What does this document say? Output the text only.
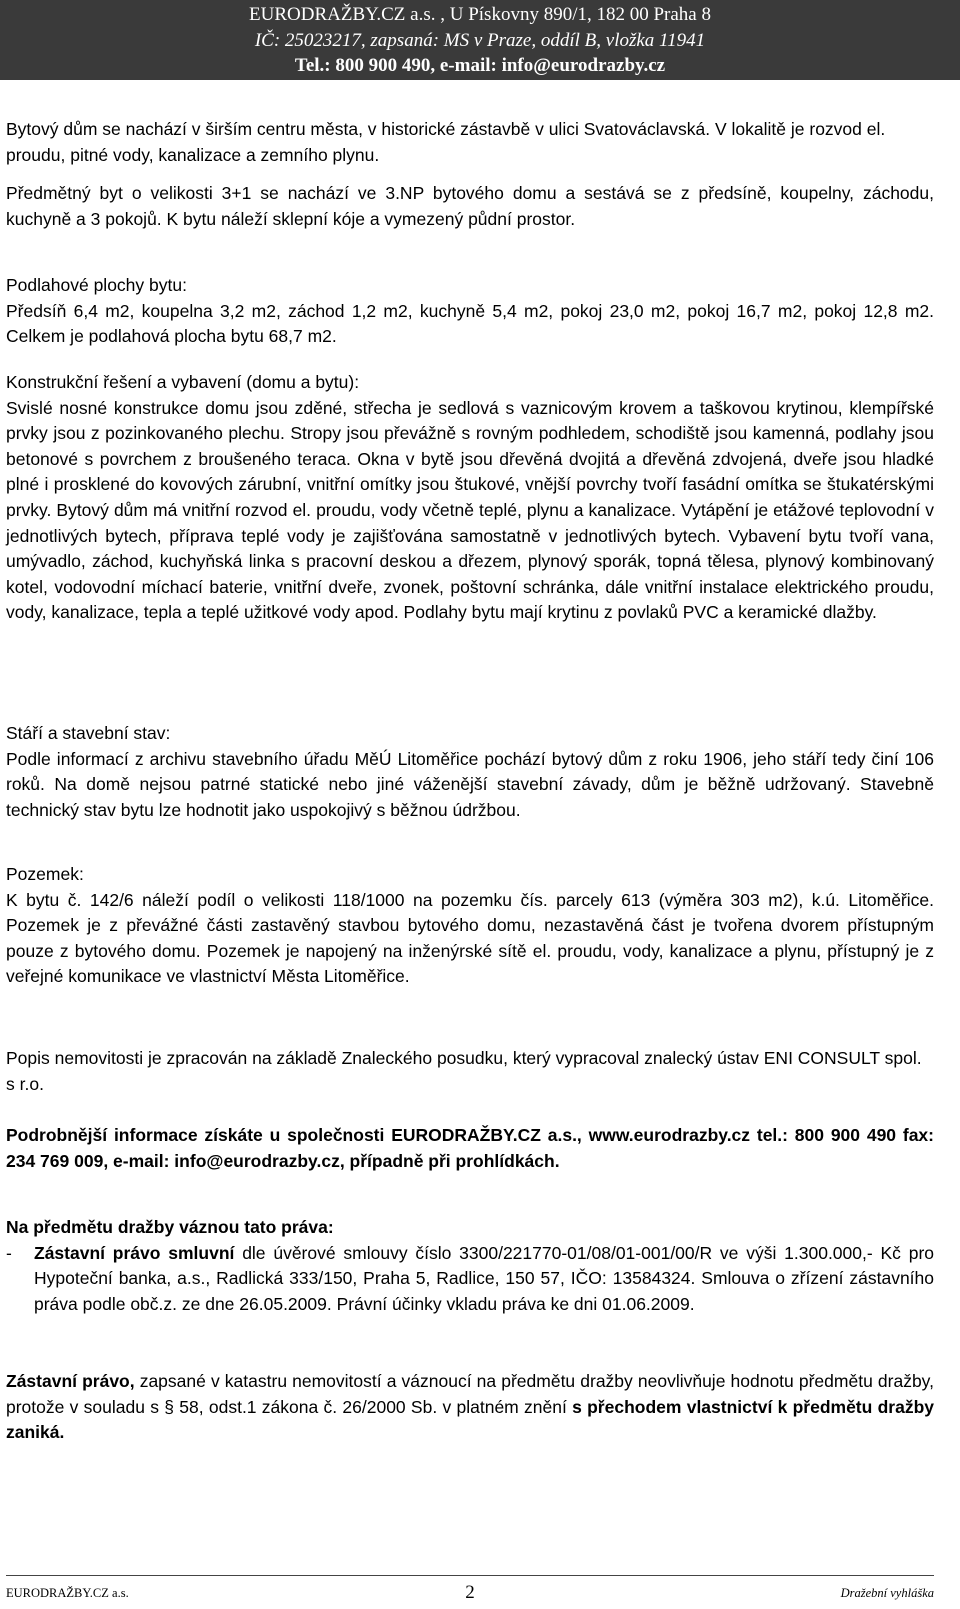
EURODRAŽBY.CZ a.s. , U Pískovny 890/1, 182 00 Praha 8
IČ: 25023217, zapsaná: MS v Praze, oddíl B, vložka 11941
Tel.: 800 900 490, e-mail: info@eurodrazby.cz

Bytový dům se nachází v širším centru města, v historické zástavbě v ulici Svatováclavská. V lokalitě je rozvod el. proudu, pitné vody, kanalizace a zemního plynu.

Předmětný byt o velikosti 3+1 se nachází ve 3.NP bytového domu a sestává se z předsíně, koupelny, záchodu, kuchyně a 3 pokojů. K bytu náleží sklepní kóje a vymezený půdní prostor.

Podlahové plochy bytu:

Předsíň 6,4 m2, koupelna 3,2 m2, záchod 1,2 m2, kuchyně 5,4 m2, pokoj 23,0 m2, pokoj 16,7 m2, pokoj 12,8 m2. Celkem je podlahová plocha bytu 68,7 m2.

Konstrukční řešení a vybavení (domu a bytu):

Svislé nosné konstrukce domu jsou zděné, střecha je sedlová s vaznicovým krovem a taškovou krytinou, klempířské prvky jsou z pozinkovaného plechu. Stropy jsou převážně s rovným podhledem, schodiště jsou kamenná, podlahy jsou betonové s povrchem z broušeného teraca. Okna v bytě jsou dřevěná dvojitá a dřevěná zdvojená, dveře jsou hladké plné i prosklené do kovových zárubní, vnitřní omítky jsou štukové, vnější povrchy tvoří fasádní omítka se štukatérskými prvky. Bytový dům má vnitřní rozvod el. proudu, vody včetně teplé, plynu a kanalizace. Vytápění je etážové teplovodní v jednotlivých bytech, příprava teplé vody je zajišťována samostatně v jednotlivých bytech. Vybavení bytu tvoří vana, umývadlo, záchod, kuchyňská linka s pracovní deskou a dřezem, plynový sporák, topná tělesa, plynový kombinovaný kotel, vodovodní míchací baterie, vnitřní dveře, zvonek, poštovní schránka, dále vnitřní instalace elektrického proudu, vody, kanalizace, tepla a teplé užitkové vody apod. Podlahy bytu mají krytinu z povlaků PVC a keramické dlažby.

Stáří a stavební stav:

Podle informací z archivu stavebního úřadu MěÚ Litoměřice pochází bytový dům z roku 1906, jeho stáří tedy činí 106 roků. Na domě nejsou patrné statické nebo jiné váženější stavební závady, dům je běžně udržovaný. Stavebně technický stav bytu lze hodnotit jako uspokojivý s běžnou údržbou.

Pozemek:

K bytu č. 142/6 náleží podíl o velikosti 118/1000 na pozemku čís. parcely 613 (výměra 303 m2), k.ú. Litoměřice. Pozemek je z převážné části zastavěný stavbou bytového domu, nezastavěná část je tvořena dvorem přístupným pouze z bytového domu. Pozemek je napojený na inženýrské sítě el. proudu, vody, kanalizace a plynu, přístupný je z veřejné komunikace ve vlastnictví Města Litoměřice.

Popis nemovitosti je zpracován na základě Znaleckého posudku, který vypracoval znalecký ústav ENI CONSULT spol. s r.o.

Podrobnější informace získáte u společnosti EURODRAŽBY.CZ a.s., www.eurodrazby.cz tel.: 800 900 490 fax: 234 769 009, e-mail: info@eurodrazby.cz, případně při prohlídkách.

Na předmětu dražby váznou tato práva:

-	Zástavní právo smluvní dle úvěrové smlouvy číslo 3300/221770-01/08/01-001/00/R ve výši 1.300.000,- Kč pro Hypoteční banka, a.s., Radlická 333/150, Praha 5, Radlice, 150 57, IČO: 13584324. Smlouva o zřízení zástavního práva podle obč.z. ze dne 26.05.2009. Právní účinky vkladu práva ke dni 01.06.2009.

Zástavní právo, zapsané v katastru nemovitostí a váznoucí na předmětu dražby neovlivňuje hodnotu předmětu dražby, protože v souladu s § 58, odst.1 zákona č. 26/2000 Sb. v platném znění s přechodem vlastnictví k předmětu dražby zaniká.

EURODRAŽBY.CZ a.s.	2	Dražební vyhláška
